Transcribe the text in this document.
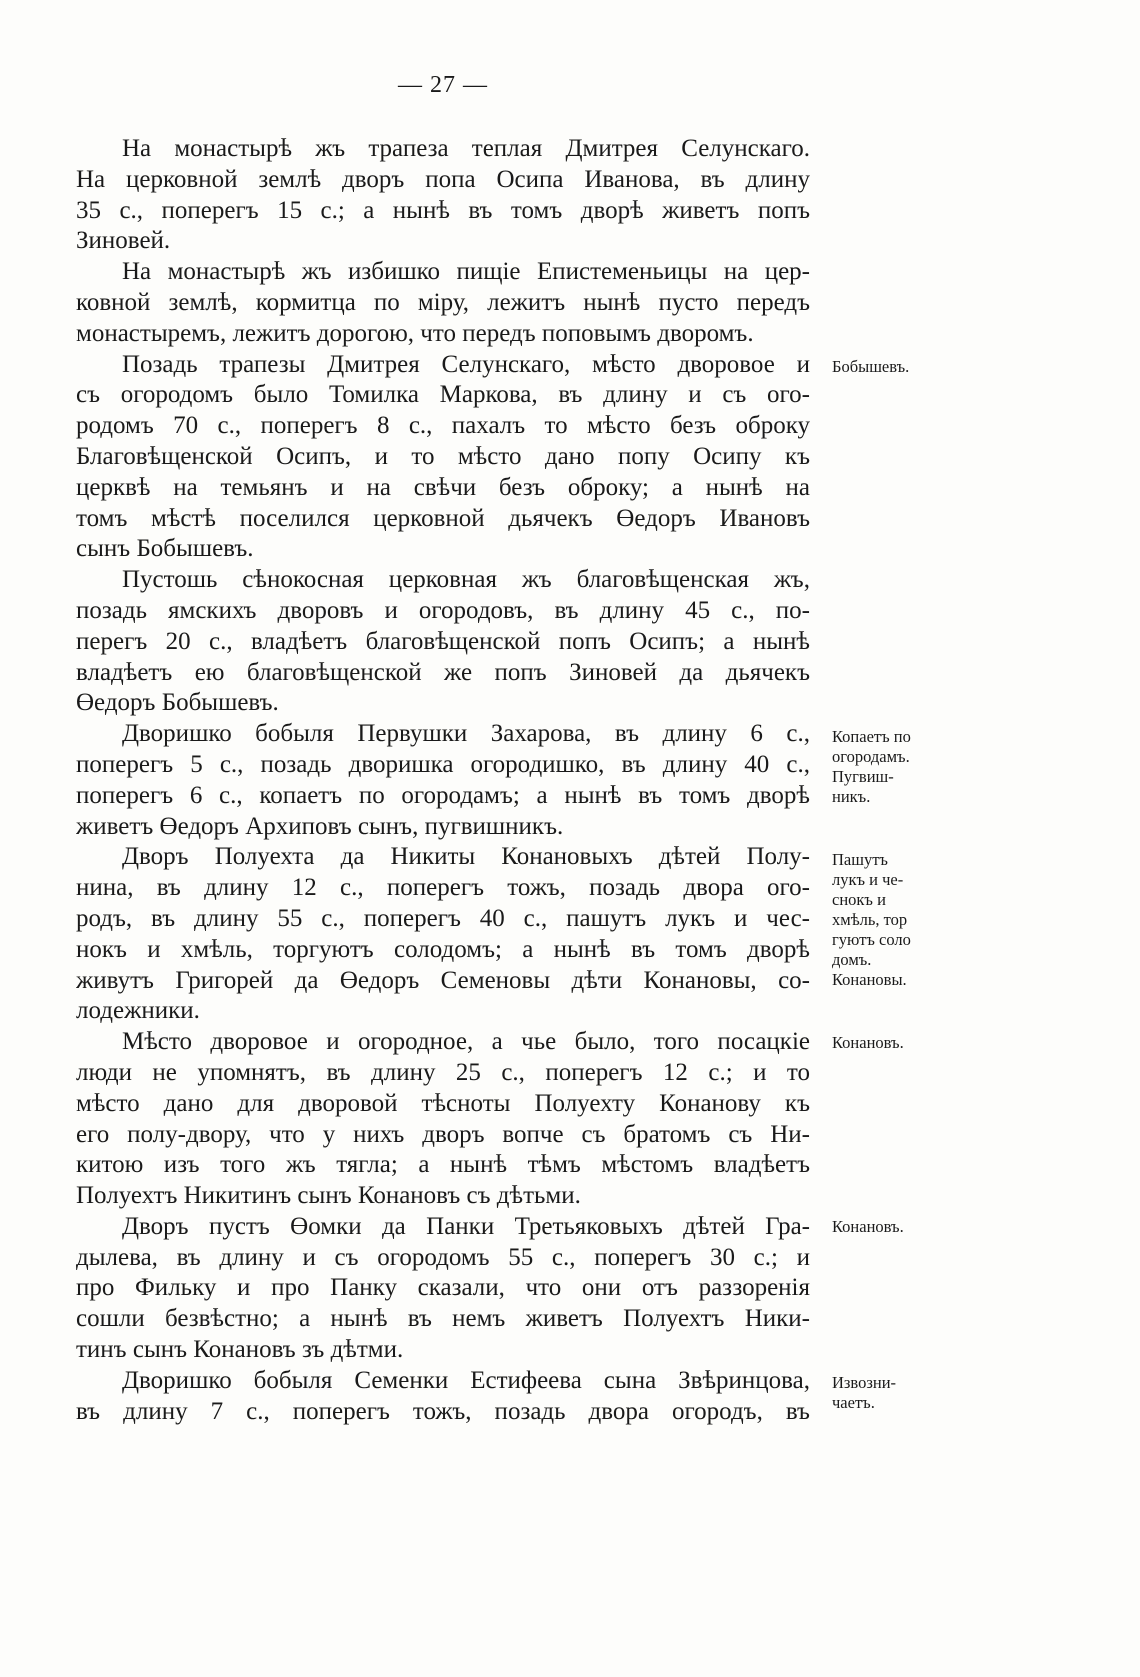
— 27 —
На монастырѣ жъ трапеза теплая Дмитрея Селунскаго.
На церковной землѣ дворъ попа Осипа Иванова, въ длину
35 с., поперегъ 15 с.; а нынѣ въ томъ дворѣ живетъ попъ
Зиновей.
На монастырѣ жъ избишко пищіе Епистеменьицы на цер-
ковной землѣ, кормитца по міру, лежитъ нынѣ пусто передъ
монастыремъ, лежитъ дорогою, что передъ поповымъ дворомъ.
Позадь трапезы Дмитрея Селунскаго, мѣсто дворовое и
съ огородомъ было Томилка Маркова, въ длину и съ ого-
родомъ 70 с., поперегъ 8 с., пахалъ то мѣсто безъ оброку
Благовѣщенской Осипъ, и то мѣсто дано попу Осипу къ
церквѣ на темьянъ и на свѣчи безъ оброку; а нынѣ на
томъ мѣстѣ поселился церковной дьячекъ Өедоръ Ивановъ
сынъ Бобышевъ.
Пустошь сѣнокосная церковная жъ благовѣщенская жъ,
позадь ямскихъ дворовъ и огородовъ, въ длину 45 с., по-
перегъ 20 с., владѣетъ благовѣщенской попъ Осипъ; а нынѣ
владѣетъ ею благовѣщенской же попъ Зиновей да дьячекъ
Өедоръ Бобышевъ.
Дворишко бобыля Первушки Захарова, въ длину 6 с.,
поперегъ 5 с., позадь дворишка огородишко, въ длину 40 с.,
поперегъ 6 с., копаетъ по огородамъ; а нынѣ въ томъ дворѣ
живетъ Өедоръ Архиповъ сынъ, пугвишникъ.
Дворъ Полуехта да Никиты Конановыхъ дѣтей Полу-
нина, въ длину 12 с., поперегъ тожъ, позадь двора ого-
родъ, въ длину 55 с., поперегъ 40 с., пашутъ лукъ и чес-
нокъ и хмѣль, торгуютъ солодомъ; а нынѣ въ томъ дворѣ
живутъ Григорей да Өедоръ Семеновы дѣти Конановы, со-
лодежники.
Мѣсто дворовое и огородное, а чье было, того посацкіе
люди не упомнятъ, въ длину 25 с., поперегъ 12 с.; и то
мѣсто дано для дворовой тѣсноты Полуехту Конанову къ
его полу-двору, что у нихъ дворъ вопче съ братомъ съ Ни-
китою изъ того жъ тягла; а нынѣ тѣмъ мѣстомъ владѣетъ
Полуехтъ Никитинъ сынъ Конановъ съ дѣтьми.
Дворъ пустъ Өомки да Панки Третьяковыхъ дѣтей Гра-
дылева, въ длину и съ огородомъ 55 с., поперегъ 30 с.; и
про Фильку и про Панку сказали, что они отъ раззоренія
сошли безвѣстно; а нынѣ въ немъ живетъ Полуехтъ Ники-
тинъ сынъ Конановъ зъ дѣтми.
Дворишко бобыля Семенки Естифеева сына Звѣринцова,
въ длину 7 с., поперегъ тожъ, позадь двора огородъ, въ
Бобышевъ.
Копаетъ по
огородамъ.
Пугвиш-
никъ.
Пашутъ
лукъ и че-
снокъ и
хмѣль, тор
гуютъ соло
домъ.
Конановы.
Конановъ.
Конановъ.
Извозни-
чаетъ.
